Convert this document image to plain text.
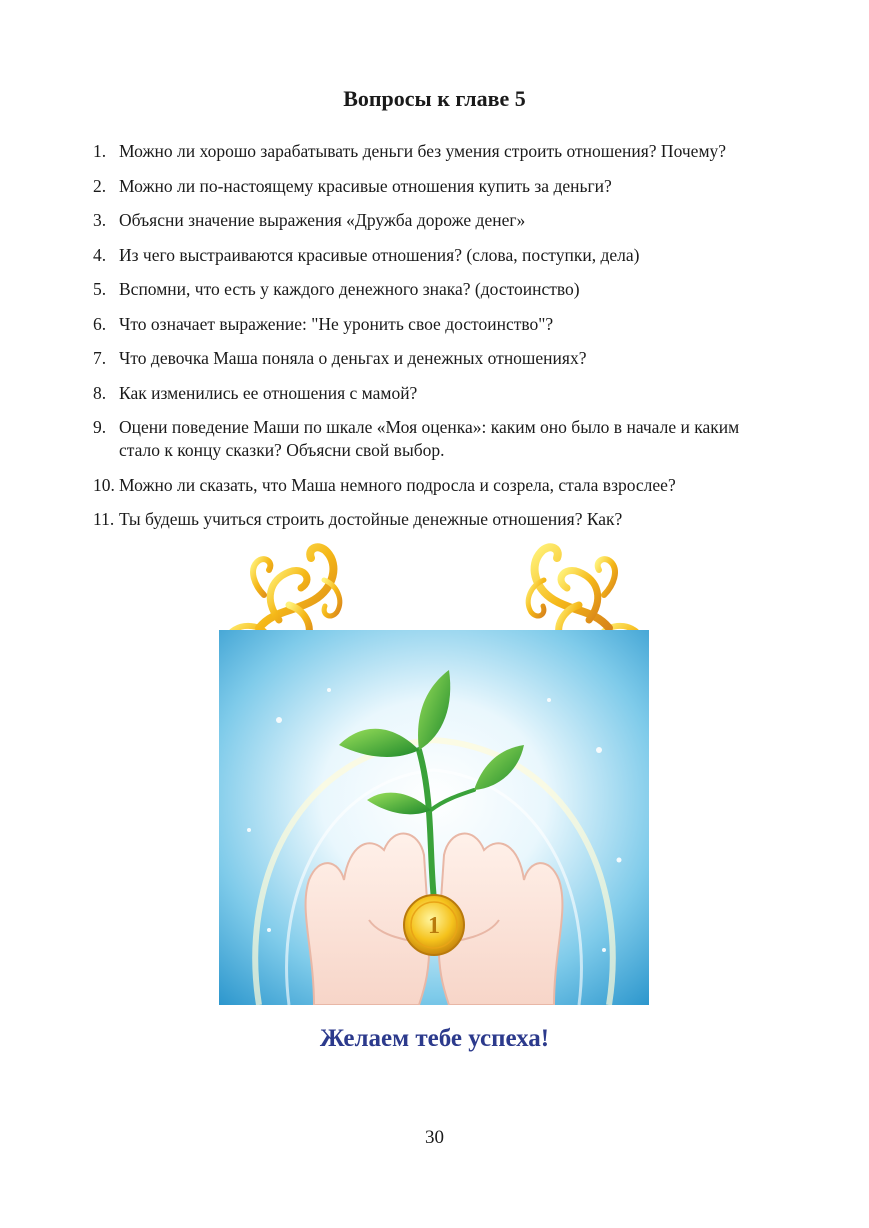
Вопросы к главе 5
1. Можно ли хорошо зарабатывать деньги без умения строить отношения? Почему?
2. Можно ли по-настоящему красивые отношения купить за деньги?
3. Объясни значение выражения «Дружба дороже денег»
4. Из чего выстраиваются красивые отношения? (слова, поступки, дела)
5. Вспомни, что есть у каждого денежного знака? (достоинство)
6. Что означает выражение: "Не уронить свое достоинство"?
7. Что девочка Маша поняла о деньгах и денежных отношениях?
8. Как изменились ее отношения с мамой?
9. Оцени поведение Маши по шкале «Моя оценка»: каким оно было в начале и каким стало к концу сказки? Объясни свой выбор.
10. Можно ли сказать, что Маша немного подросла и созрела, стала взрослее?
11. Ты будешь учиться строить достойные денежные отношения? Как?
1
Желаем тебе успеха!
30
